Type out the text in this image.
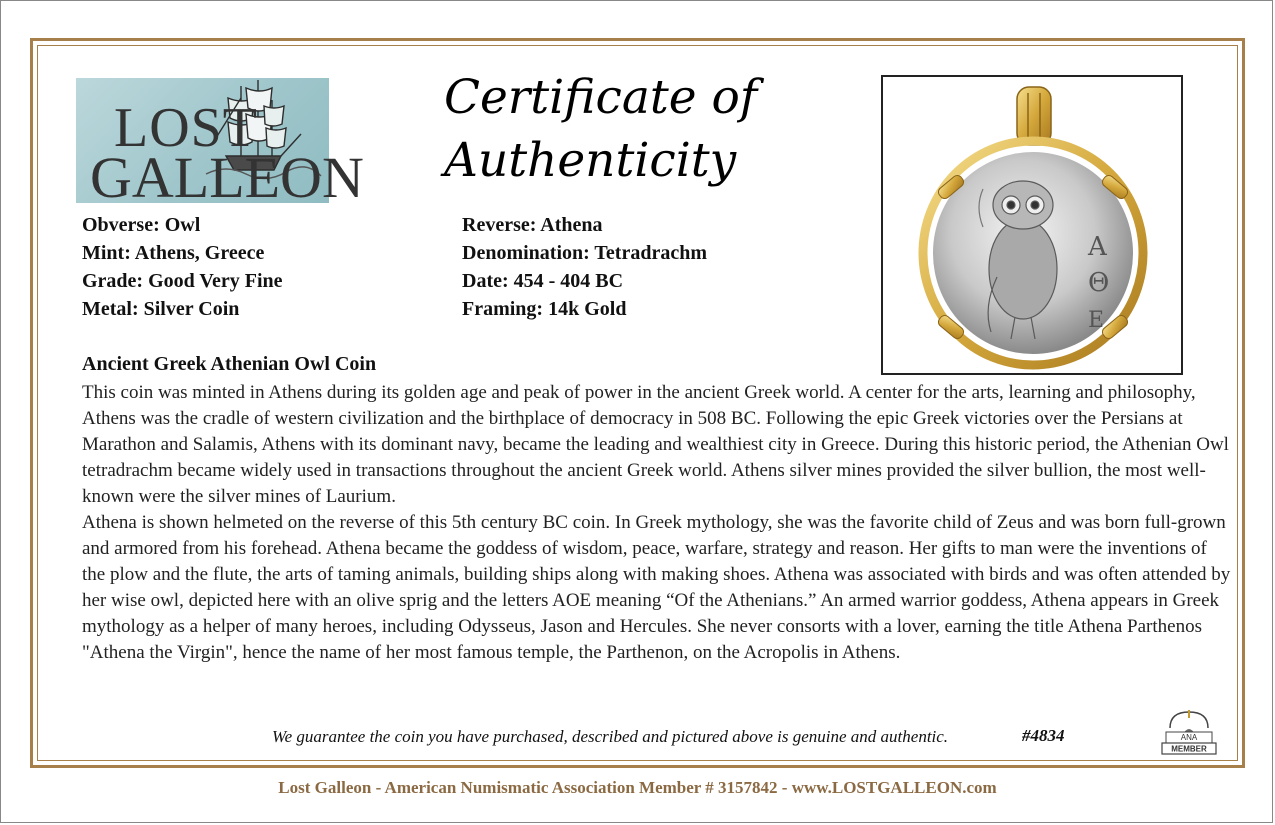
LOST
GALLEON
Certificate of
Authenticity
Α
Θ
Ε
Obverse: Owl
Mint: Athens, Greece
Grade: Good Very Fine
Metal: Silver Coin
Reverse: Athena
Denomination: Tetradrachm
Date: 454 - 404 BC
Framing: 14k Gold
Ancient Greek Athenian Owl Coin

This coin was minted in Athens during its golden age and peak of power in the ancient Greek world. A center for the arts, learning and philosophy, Athens was the cradle of western civilization and the birthplace of democracy in 508 BC. Following the epic Greek victories over the Persians at Marathon and Salamis, Athens with its dominant navy, became the leading and wealthiest city in Greece. During this historic period, the Athenian Owl tetradrachm became widely used in transactions throughout the ancient Greek world. Athens silver mines provided the silver bullion, the most well-known were the silver mines of Laurium.

Athena is shown helmeted on the reverse of this 5th century BC coin. In Greek mythology, she was the favorite child of Zeus and was born full-grown and armored from his forehead. Athena became the goddess of wisdom, peace, warfare, strategy and reason. Her gifts to man were the inventions of the plow and the flute, the arts of taming animals, building ships along with making shoes. Athena was associated with birds and was often attended by her wise owl, depicted here with an olive sprig and the letters AOE meaning “Of the Athenians.” An armed warrior goddess, Athena appears in Greek mythology as a helper of many heroes, including Odysseus, Jason and Hercules. She never consorts with a lover, earning the title Athena Parthenos "Athena the Virgin", hence the name of her most famous temple, the Parthenon, on the Acropolis in Athens.

We guarantee the coin you have purchased, described and pictured above is genuine and authentic.	#4834	ANA
MEMBER
Lost Galleon - American Numismatic Association Member # 3157842 - www.LOSTGALLEON.com
